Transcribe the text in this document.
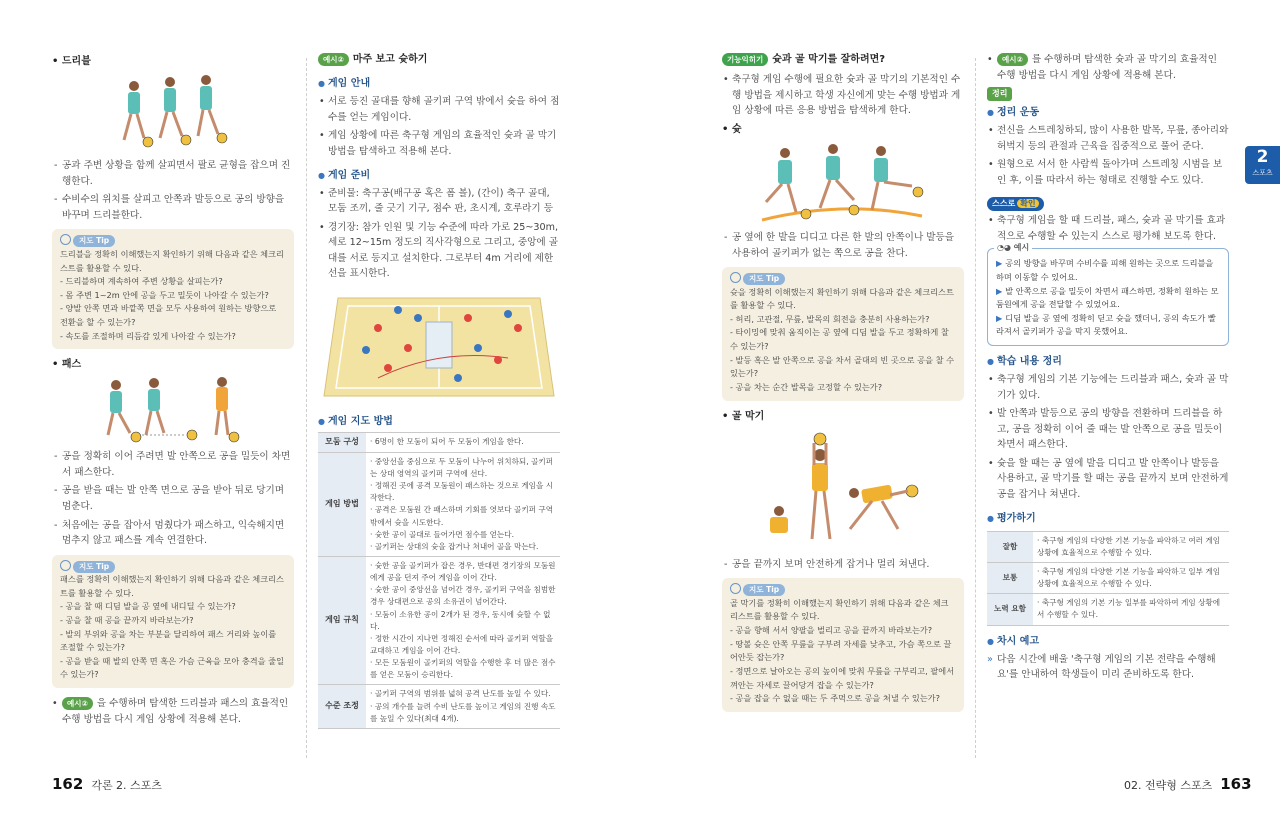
• 드리블
- 공과 주변 상황을 함께 살피면서 팔로 균형을 잡으며 진행한다.
- 수비수의 위치를 살피고 안쪽과 발등으로 공의 방향을 바꾸며 드리블한다.
지도 Tip
드리블을 정확히 이해했는지 확인하기 위해 다음과 같은 체크리스트를 활용할 수 있다.
- 드리블하며 계속하여 주변 상황을 살피는가?
- 몸 주변 1~2m 안에 공을 두고 밀듯이 나아갈 수 있는가?
- 양발 안쪽 면과 바깥쪽 면을 모두 사용하여 원하는 방향으로 전환을 할 수 있는가?
- 속도를 조절하며 리듬감 있게 나아갈 수 있는가?
• 패스
- 공을 정확히 이어 주려면 발 안쪽으로 공을 밀듯이 차면서 패스한다.
- 공을 받을 때는 발 안쪽 면으로 공을 받아 뒤로 당기며 멈춘다.
- 처음에는 공을 잡아서 멈췄다가 패스하고, 익숙해지면 멈추지 않고 패스를 계속 연결한다.
지도 Tip
패스를 정확히 이해했는지 확인하기 위해 다음과 같은 체크리스트를 활용할 수 있다.
- 공을 찰 때 디딤 발을 공 옆에 내디딜 수 있는가?
- 공을 찰 때 공을 끝까지 바라보는가?
- 발의 부위와 공을 차는 부분을 달리하여 패스 거리와 높이를 조절할 수 있는가?
- 공을 받을 때 발의 안쪽 면 혹은 가슴 근육을 모아 충격을 줄일 수 있는가?
• 예시② 을 수행하며 탐색한 드리블과 패스의 효율적인 수행 방법을 다시 게임 상황에 적용해 본다.
예시② 마주 보고 슛하기
● 게임 안내
• 서로 등진 골대를 향해 골키퍼 구역 밖에서 슛을 하여 점수를 얻는 게임이다.
• 게임 상황에 따른 축구형 게임의 효율적인 슛과 골 막기 방법을 탐색하고 적용해 본다.
● 게임 준비
• 준비물: 축구공(배구공 혹은 폼 볼), (간이) 축구 골대, 모둠 조끼, 줄 긋기 기구, 점수 판, 초시계, 호루라기 등
• 경기장: 참가 인원 및 기능 수준에 따라 가로 25~30m, 세로 12~15m 정도의 직사각형으로 그리고, 중앙에 골대를 서로 등지고 설치한다. 그로부터 4m 거리에 제한선을 표시한다.
● 게임 지도 방법
모둠 구성	· 6명이 한 모둠이 되어 두 모둠이 게임을 한다.

게임 방법	· 중앙선을 중심으로 두 모둠이 나누어 위치하되, 골키퍼는 상대 영역의 골키퍼 구역에 선다.
· 정해진 곳에 공격 모둠원이 패스하는 것으로 게임을 시작한다.
· 공격은 모둠원 간 패스하며 기회를 엿보다 골키퍼 구역 밖에서 슛을 시도한다.
· 슛한 공이 골대로 들어가면 점수를 얻는다.
· 골키퍼는 상대의 슛을 잡거나 쳐내어 골을 막는다.

게임 규칙	· 슛한 공을 골키퍼가 잡은 경우, 반대편 경기장의 모둠원에게 공을 던져 주어 게임을 이어 간다.
· 슛한 공이 중앙선을 넘어간 경우, 골키퍼 구역을 침범한 경우 상대편으로 공의 소유권이 넘어간다.
· 모둠이 소유한 공이 2개가 된 경우, 동시에 슛할 수 없다.
· 정한 시간이 지나면 정해진 순서에 따라 골키퍼 역할을 교대하고 게임을 이어 간다.
· 모든 모둠원이 골키퍼의 역할을 수행한 후 더 많은 점수를 얻은 모둠이 승리한다.

수준 조정	· 골키퍼 구역의 범위를 넓혀 공격 난도를 높일 수 있다.
· 공의 개수를 늘려 수비 난도를 높이고 게임의 진행 속도를 높일 수 있다(최대 4개).
기능익히기 슛과 골 막기를 잘하려면?
• 축구형 게임 수행에 필요한 슛과 골 막기의 기본적인 수행 방법을 제시하고 학생 자신에게 맞는 수행 방법과 게임 상황에 따른 응용 방법을 탐색하게 한다.
• 슛
- 공 옆에 한 발을 디디고 다른 한 발의 안쪽이나 발등을 사용하여 골키퍼가 없는 쪽으로 공을 찬다.
지도 Tip
슛을 정확히 이해했는지 확인하기 위해 다음과 같은 체크리스트를 활용할 수 있다.
- 허리, 고관절, 무릎, 발목의 회전을 충분히 사용하는가?
- 타이밍에 맞춰 움직이는 공 옆에 디딤 발을 두고 정확하게 찰 수 있는가?
- 발등 혹은 발 안쪽으로 공을 차서 골대의 빈 곳으로 공을 찰 수 있는가?
- 공을 차는 순간 발목을 고정할 수 있는가?
• 골 막기
- 공을 끝까지 보며 안전하게 잡거나 멀리 쳐낸다.
지도 Tip
골 막기를 정확히 이해했는지 확인하기 위해 다음과 같은 체크리스트를 활용할 수 있다.
- 공을 향해 서서 양팔을 벌리고 공을 끝까지 바라보는가?
- 땅볼 슛은 안쪽 무릎을 구부려 자세를 낮추고, 가슴 쪽으로 끌어안듯 잡는가?
- 정면으로 날아오는 공의 높이에 맞춰 무릎을 구부리고, 팔에서 껴안는 자세로 끌어당겨 잡을 수 있는가?
- 공을 잡을 수 없을 때는 두 주먹으로 공을 쳐낼 수 있는가?
• 예시② 를 수행하며 탐색한 슛과 골 막기의 효율적인 수행 방법을 다시 게임 상황에 적용해 본다.
정리
● 정리 운동
• 전신을 스트레칭하되, 많이 사용한 발목, 무릎, 종아리와 허벅지 등의 관절과 근육을 집중적으로 풀어 준다.
• 원형으로 서서 한 사람씩 돌아가며 스트레칭 시범을 보인 후, 이를 따라서 하는 형태로 진행할 수도 있다.
스스로 확인
• 축구형 게임을 할 때 드리블, 패스, 슛과 골 막기를 효과적으로 수행할 수 있는지 스스로 평가해 보도록 한다.
◔◕ 예시
▶ 공의 방향을 바꾸며 수비수를 피해 원하는 곳으로 드리블을 하며 이동할 수 있어요.
▶ 발 안쪽으로 공을 밀듯이 차면서 패스하면, 정확히 원하는 모둠원에게 공을 전달할 수 있었어요.
▶ 디딤 발을 공 옆에 정확히 딛고 슛을 했더니, 공의 속도가 빨라져서 골키퍼가 공을 막지 못했어요.
● 학습 내용 정리
• 축구형 게임의 기본 기능에는 드리블과 패스, 슛과 골 막기가 있다.
• 발 안쪽과 발등으로 공의 방향을 전환하며 드리블을 하고, 공을 정확히 이어 줄 때는 발 안쪽으로 공을 밀듯이 차면서 패스한다.
• 슛을 할 때는 공 옆에 발을 디디고 발 안쪽이나 발등을 사용하고, 골 막기를 할 때는 공을 끝까지 보며 안전하게 공을 잡거나 쳐낸다.
● 평가하기
잘함	· 축구형 게임의 다양한 기본 기능을 파악하고 여러 게임 상황에 효율적으로 수행할 수 있다.
보통	· 축구형 게임의 다양한 기본 기능을 파악하고 일부 게임 상황에 효율적으로 수행할 수 있다.
노력 요함	· 축구형 게임의 기본 기능 일부를 파악하여 게임 상황에서 수행할 수 있다.
● 차시 예고
» 다음 시간에 배울 '축구형 게임의 기본 전략을 수행해 요'를 안내하여 학생들이 미리 준비하도록 한다.
2
스포츠
162 각론 2. 스포츠	02. 전략형 스포츠 163
